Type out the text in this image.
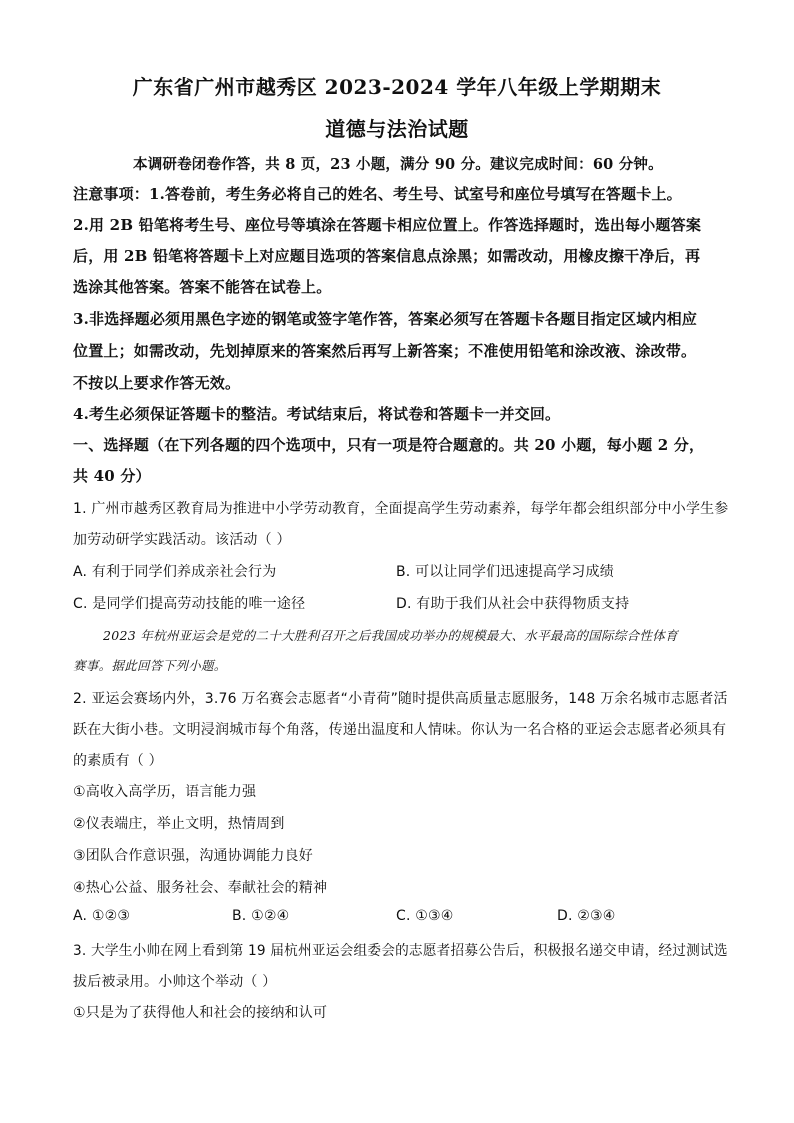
广东省广州市越秀区 2023-2024 学年八年级上学期期末
道德与法治试题
本调研卷闭卷作答，共 8 页，23 小题，满分 90 分。建议完成时间：60 分钟。
注意事项：1.答卷前，考生务必将自己的姓名、考生号、试室号和座位号填写在答题卡上。
2.用 2B 铅笔将考生号、座位号等填涂在答题卡相应位置上。作答选择题时，选出每小题答案
后，用 2B 铅笔将答题卡上对应题目选项的答案信息点涂黑；如需改动，用橡皮擦干净后，再
选涂其他答案。答案不能答在试卷上。
3.非选择题必须用黑色字迹的钢笔或签字笔作答，答案必须写在答题卡各题目指定区域内相应
位置上；如需改动，先划掉原来的答案然后再写上新答案；不准使用铅笔和涂改液、涂改带。
不按以上要求作答无效。
4.考生必须保证答题卡的整洁。考试结束后，将试卷和答题卡一并交回。
一、选择题（在下列各题的四个选项中，只有一项是符合题意的。共 20 小题，每小题 2 分，
共 40 分）
1. 广州市越秀区教育局为推进中小学劳动教育，全面提高学生劳动素养，每学年都会组织部分中小学生参
加劳动研学实践活动。该活动（ ）
A. 有利于同学们养成亲社会行为	B. 可以让同学们迅速提高学习成绩
C. 是同学们提高劳动技能的唯一途径	D. 有助于我们从社会中获得物质支持
2023 年杭州亚运会是党的二十大胜利召开之后我国成功举办的规模最大、水平最高的国际综合性体育
赛事。据此回答下列小题。
2. 亚运会赛场内外，3.76 万名赛会志愿者“小青荷”随时提供高质量志愿服务，148 万余名城市志愿者活
跃在大街小巷。文明浸润城市每个角落，传递出温度和人情味。你认为一名合格的亚运会志愿者必须具有
的素质有（ ）
①高收入高学历，语言能力强
②仪表端庄，举止文明，热情周到
③团队合作意识强，沟通协调能力良好
④热心公益、服务社会、奉献社会的精神
A. ①②③	B. ①②④	C. ①③④	D. ②③④
3. 大学生小帅在网上看到第 19 届杭州亚运会组委会的志愿者招募公告后，积极报名递交申请，经过测试选
拔后被录用。小帅这个举动（ ）
①只是为了获得他人和社会的接纳和认可
